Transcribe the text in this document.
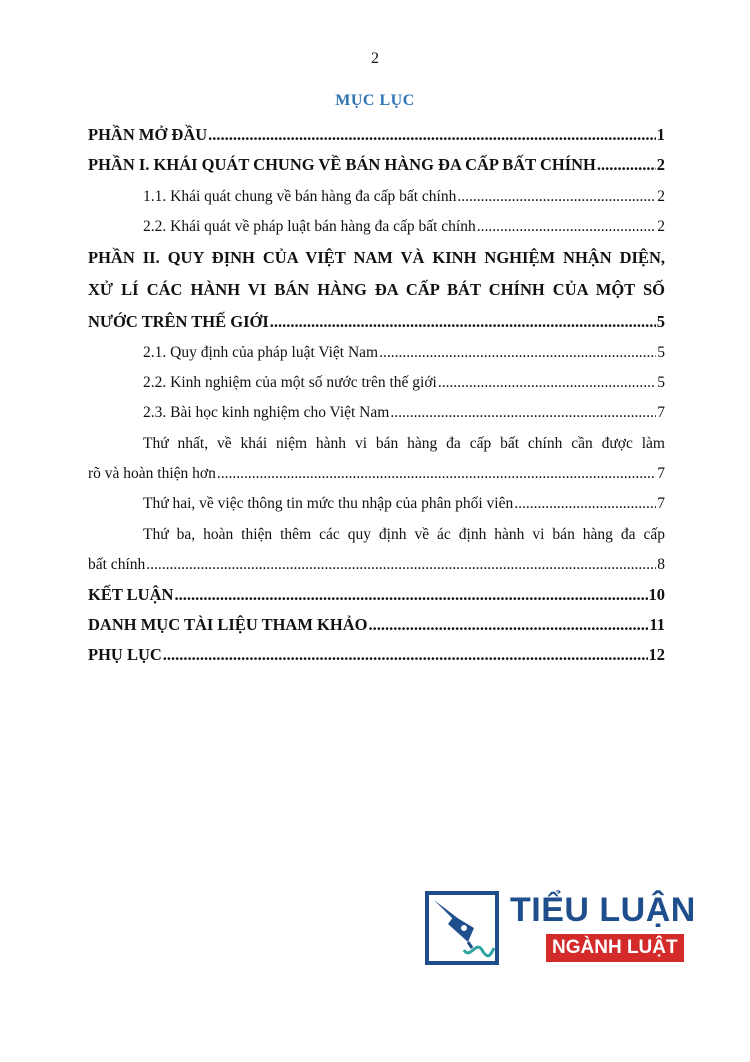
2
MỤC LỤC
PHẦN MỞ ĐẦU .....	1
PHẦN I. KHÁI QUÁT CHUNG VỀ BÁN HÀNG ĐA CẤP BẤT CHÍNH .....	2
1.1. Khái quát chung về bán hàng đa cấp bất chính .....	2
2.2. Khái quát về pháp luật bán hàng đa cấp bất chính .....	2
PHẦN II. QUY ĐỊNH CỦA VIỆT NAM VÀ KINH NGHIỆM NHẬN DIỆN,
XỬ LÍ CÁC HÀNH VI BÁN HÀNG ĐA CẤP BÁT CHÍNH CỦA MỘT SỐ
NƯỚC TRÊN THẾ GIỚI .....	5
2.1. Quy định của pháp luật Việt Nam .....	5
2.2. Kinh nghiệm của một số nước trên thế giới .....	5
2.3. Bài học kinh nghiệm cho Việt Nam .....	7
Thứ nhất, về khái niệm hành vi bán hàng đa cấp bất chính cần được làm
rõ và hoàn thiện hơn .....	7
Thứ hai, về việc thông tin mức thu nhập của phân phối viên .....	7
Thứ ba, hoàn thiện thêm các quy định về ác định hành vi bán hàng đa cấp
bất chính .....	8
KẾT LUẬN .....	10
DANH MỤC TÀI LIỆU THAM KHẢO .....	11
PHỤ LỤC .....	12
TIỂU LUẬN
NGÀNH LUẬT
